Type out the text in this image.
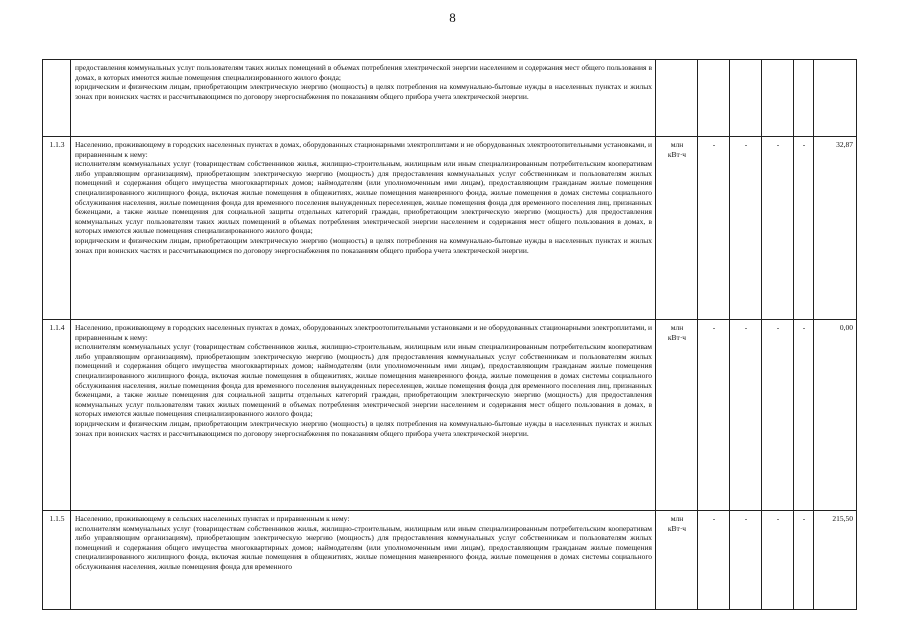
8

	предоставления коммунальных услуг пользователям таких жилых помещений в объемах потребления электрической энергии населением и содержания мест общего пользования в домах, в которых имеются жилые помещения специализированного жилого фонда;
юридическим и физическим лицам, приобретающим электрическую энергию (мощность) в целях потребления на коммунально-бытовые нужды в населенных пунктах и жилых зонах при воинских частях и рассчитывающимся по договору энергоснабжения по показаниям общего прибора учета электрической энергии.						

1.1.3	Населению, проживающему в городских населенных пунктах в домах, оборудованных стационарными электроплитами и не оборудованных электроотопительными установками, и приравненным к нему:
исполнителям коммунальных услуг (товариществам собственников жилья, жилищно-строительным, жилищным или иным специализированным потребительским кооперативам либо управляющим организациям), приобретающим электрическую энергию (мощность) для предоставления коммунальных услуг собственникам и пользователям жилых помещений и содержания общего имущества многоквартирных домов; наймодателям (или уполномоченным ими лицам), предоставляющим гражданам жилые помещения специализированного жилищного фонда, включая жилые помещения в общежитиях, жилые помещения маневренного фонда, жилые помещения в домах системы социального обслуживания населения, жилые помещения фонда для временного поселения вынужденных переселенцев, жилые помещения фонда для временного поселения лиц, признанных беженцами, а также жилые помещения для социальной защиты отдельных категорий граждан, приобретающим электрическую энергию (мощность) для предоставления коммунальных услуг пользователям таких жилых помещений в объемах потребления электрической энергии населением и содержания мест общего пользования в домах, в которых имеются жилые помещения специализированного жилого фонда;
юридическим и физическим лицам, приобретающим электрическую энергию (мощность) в целях потребления на коммунально-бытовые нужды в населенных пунктах и жилых зонах при воинских частях и рассчитывающимся по договору энергоснабжения по показаниям общего прибора учета электрической энергии.	млн
кВт·ч	-	-	-	-	32,87
1.1.4	Населению, проживающему в городских населенных пунктах в домах, оборудованных электроотопительными установками и не оборудованных стационарными электроплитами, и приравненным к нему:
исполнителям коммунальных услуг (товариществам собственников жилья, жилищно-строительным, жилищным или иным специализированным потребительским кооперативам либо управляющим организациям), приобретающим электрическую энергию (мощность) для предоставления коммунальных услуг собственникам и пользователям жилых помещений и содержания общего имущества многоквартирных домов; наймодателям (или уполномоченным ими лицам), предоставляющим гражданам жилые помещения специализированного жилищного фонда, включая жилые помещения в общежитиях, жилые помещения маневренного фонда, жилые помещения в домах системы социального обслуживания населения, жилые помещения фонда для временного поселения вынужденных переселенцев, жилые помещения фонда для временного поселения лиц, признанных беженцами, а также жилые помещения для социальной защиты отдельных категорий граждан, приобретающим электрическую энергию (мощность) для предоставления коммунальных услуг пользователям таких жилых помещений в объемах потребления электрической энергии населением и содержания мест общего пользования в домах, в которых имеются жилые помещения специализированного жилого фонда;
юридическим и физическим лицам, приобретающим электрическую энергию (мощность) в целях потребления на коммунально-бытовые нужды в населенных пунктах и жилых зонах при воинских частях и рассчитывающимся по договору энергоснабжения по показаниям общего прибора учета электрической энергии.	млн
кВт·ч	-	-	-	-	0,00
1.1.5	Населению, проживающему в сельских населенных пунктах и приравненным к нему:
исполнителям коммунальных услуг (товариществам собственников жилья, жилищно-строительным, жилищным или иным специализированным потребительским кооперативам либо управляющим организациям), приобретающим электрическую энергию (мощность) для предоставления коммунальных услуг собственникам и пользователям жилых помещений и содержания общего имущества многоквартирных домов; наймодателям (или уполномоченным ими лицам), предоставляющим гражданам жилые помещения специализированного жилищного фонда, включая жилые помещения в общежитиях, жилые помещения маневренного фонда, жилые помещения в домах системы социального обслуживания населения, жилые помещения фонда для временного	млн
кВт·ч	-	-	-	-	215,50
